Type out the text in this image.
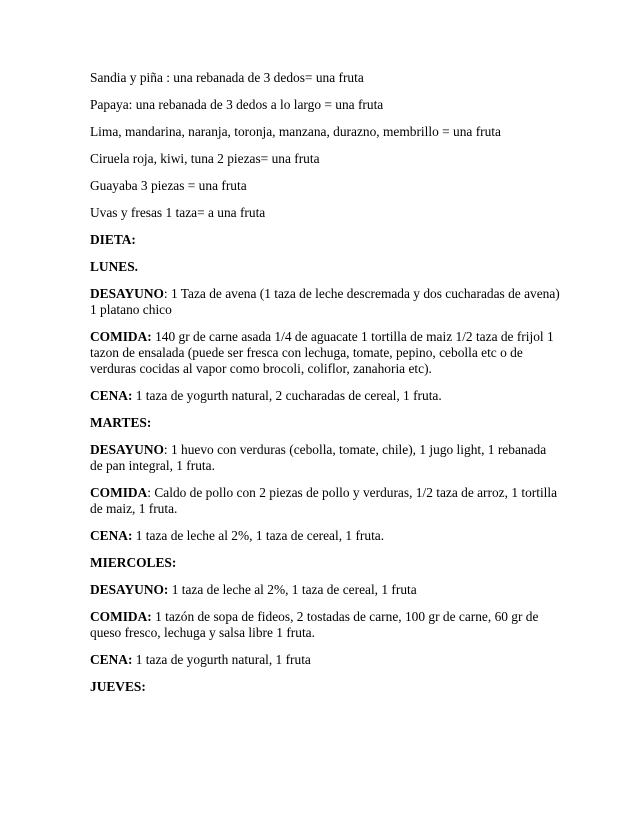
Sandia y piña : una rebanada de 3 dedos= una fruta

Papaya: una rebanada de 3 dedos a lo largo = una fruta

Lima, mandarina, naranja, toronja, manzana, durazno, membrillo = una fruta

Ciruela roja, kiwi, tuna 2 piezas= una fruta

Guayaba 3 piezas = una fruta

Uvas y fresas 1 taza= a una fruta

DIETA:

LUNES.

DESAYUNO: 1 Taza de avena (1 taza de leche descremada y dos cucharadas de avena) 1 platano chico

COMIDA: 140 gr de carne asada 1/4 de aguacate 1 tortilla de maiz 1/2 taza de frijol 1 tazon de ensalada (puede ser fresca con lechuga, tomate, pepino, cebolla etc o de verduras cocidas al vapor como brocoli, coliflor, zanahoria etc).

CENA: 1 taza de yogurth natural, 2 cucharadas de cereal, 1 fruta.

MARTES:

DESAYUNO: 1 huevo con verduras (cebolla, tomate, chile), 1 jugo light, 1 rebanada de pan integral, 1 fruta.

COMIDA: Caldo de pollo con 2 piezas de pollo y verduras, 1/2 taza de arroz, 1 tortilla de maiz, 1 fruta.

CENA: 1 taza de leche al 2%, 1 taza de cereal, 1 fruta.

MIERCOLES:

DESAYUNO: 1 taza de leche al 2%, 1 taza de cereal, 1 fruta

COMIDA: 1 tazón de sopa de fideos, 2 tostadas de carne, 100 gr de carne, 60 gr de queso fresco, lechuga y salsa libre 1 fruta.

CENA: 1 taza de yogurth natural, 1 fruta

JUEVES:
